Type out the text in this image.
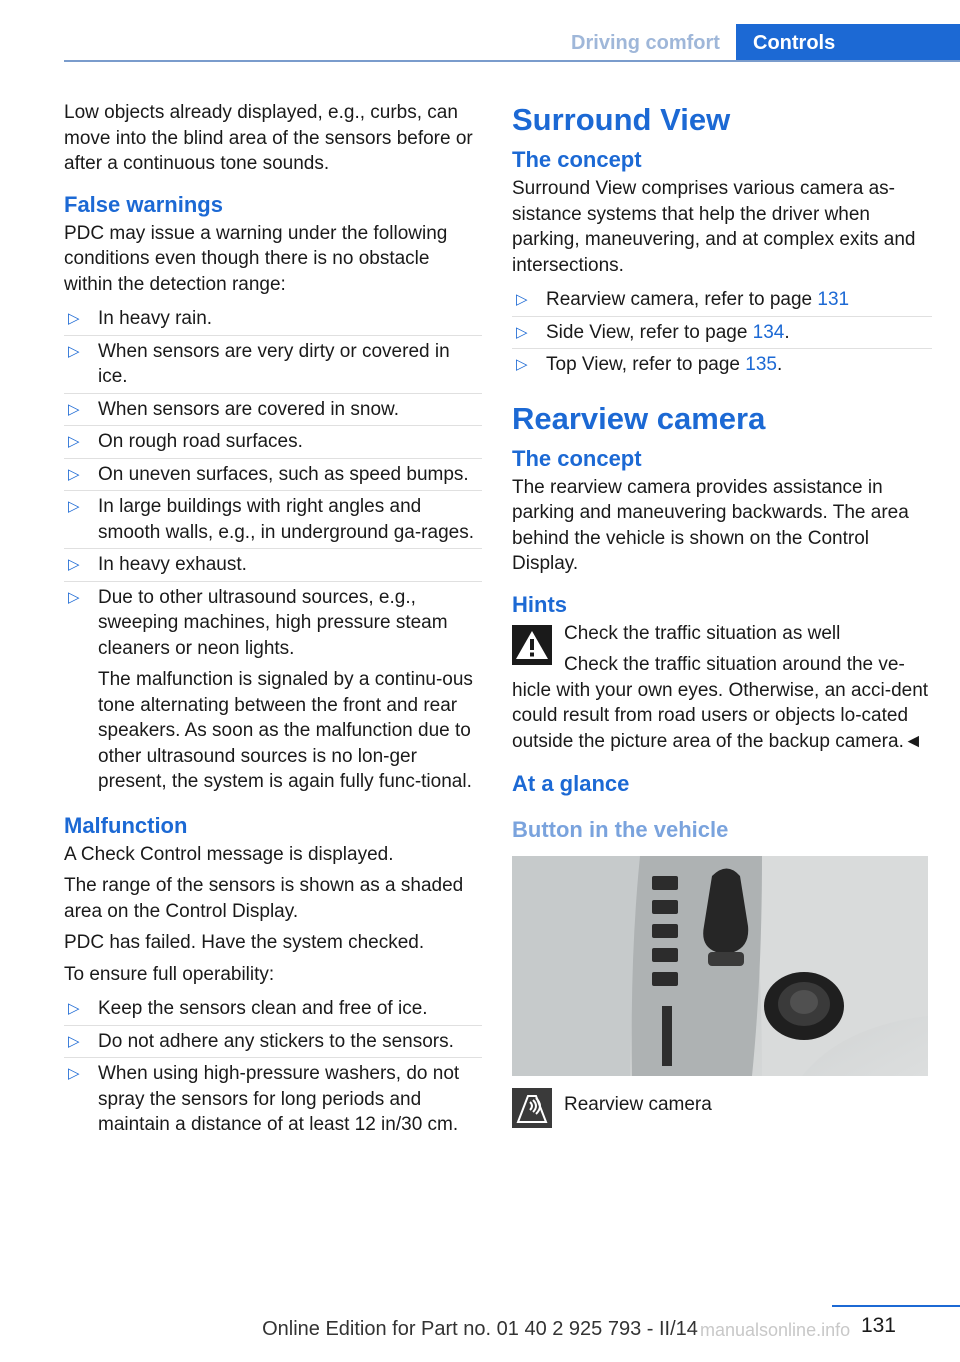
Driving comfort	Controls

Low objects already displayed, e.g., curbs, can move into the blind area of the sensors before or after a continuous tone sounds.

False warnings

PDC may issue a warning under the following conditions even though there is no obstacle within the detection range:

▷ In heavy rain.
▷ When sensors are very dirty or covered in ice.
▷ When sensors are covered in snow.
▷ On rough road surfaces.
▷ On uneven surfaces, such as speed bumps.
▷ In large buildings with right angles and smooth walls, e.g., in underground ga‐rages.
▷ In heavy exhaust.
▷ Due to other ultrasound sources, e.g., sweeping machines, high pressure steam cleaners or neon lights.
The malfunction is signaled by a continu‐ous tone alternating between the front and rear speakers. As soon as the malfunction due to other ultrasound sources is no lon‐ger present, the system is again fully func‐tional.
Malfunction

A Check Control message is displayed.

The range of the sensors is shown as a shaded area on the Control Display.

PDC has failed. Have the system checked.

To ensure full operability:

▷ Keep the sensors clean and free of ice.
▷ Do not adhere any stickers to the sensors.
▷ When using high-pressure washers, do not spray the sensors for long periods and maintain a distance of at least 12 in/30 cm.
Surround View
The concept

Surround View comprises various camera as‐sistance systems that help the driver when parking, maneuvering, and at complex exits and intersections.

▷ Rearview camera, refer to page 131
▷ Side View, refer to page 134.
▷ Top View, refer to page 135.
Rearview camera
The concept

The rearview camera provides assistance in parking and maneuvering backwards. The area behind the vehicle is shown on the Control Display.

Hints
Check the traffic situation as well
Check the traffic situation around the ve‐hicle with your own eyes. Otherwise, an acci‐dent could result from road users or objects lo‐cated outside the picture area of the backup camera.◄
At a glance
Button in the vehicle
Rearview camera
131
Online Edition for Part no. 01 40 2 925 793 - II/14 manualsonline.info
